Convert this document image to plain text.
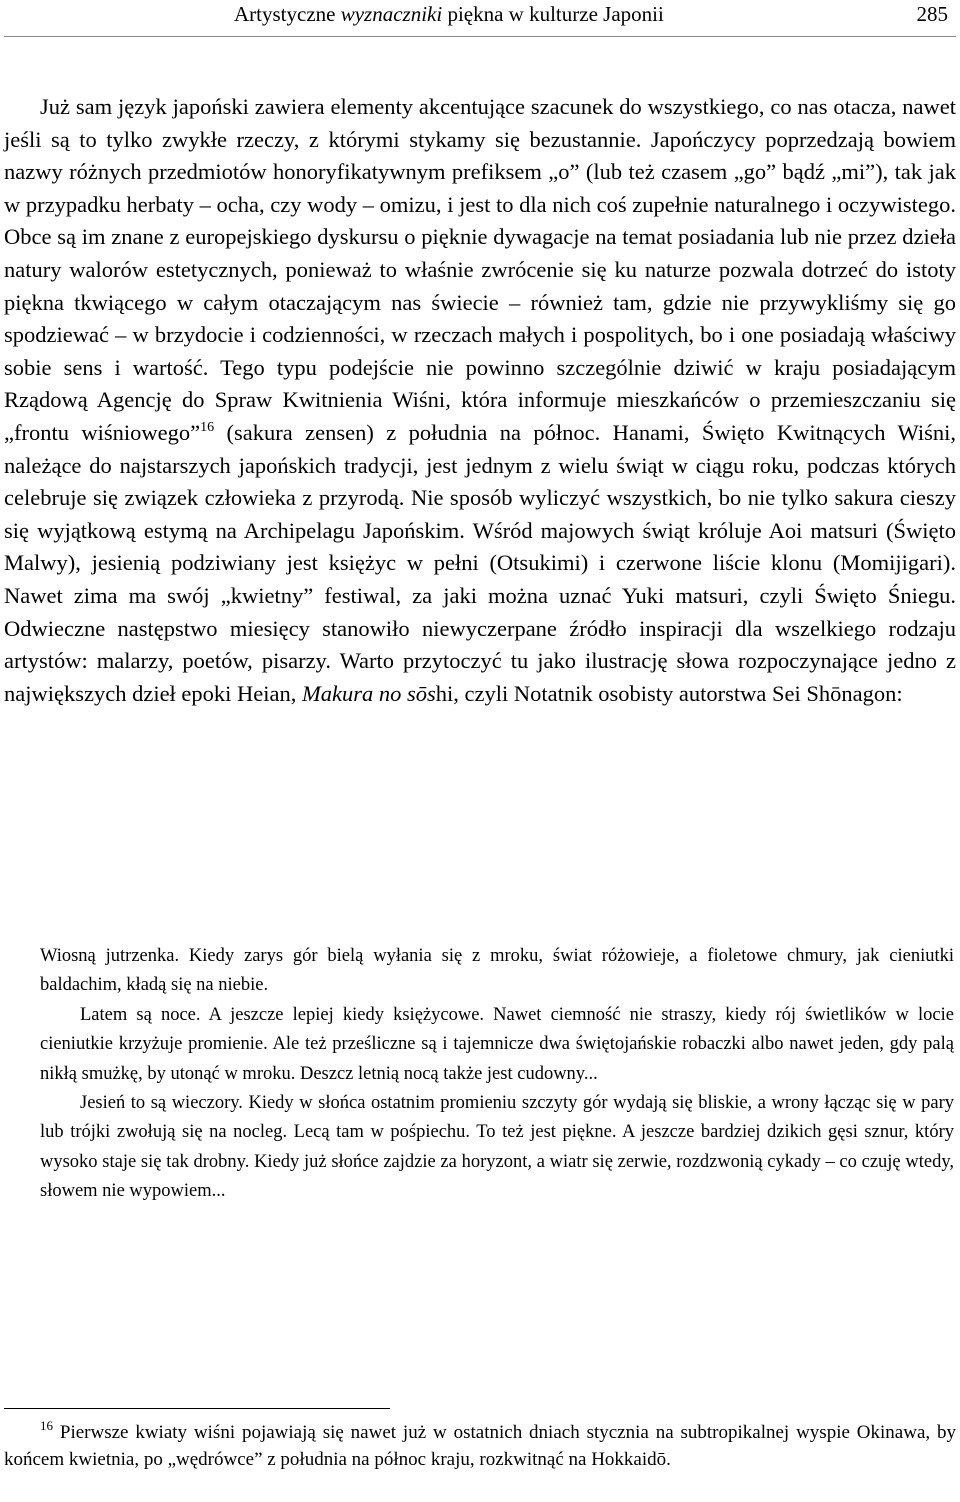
Artystyczne wyznaczniki piękna w kulturze Japonii	285

Już sam język japoński zawiera elementy akcentujące szacunek do wszystkiego, co nas otacza, nawet jeśli są to tylko zwykłe rzeczy, z którymi stykamy się bezustannie. Japończycy poprzedzają bowiem nazwy różnych przedmiotów honoryfikatywnym prefiksem „o” (lub też czasem „go” bądź „mi”), tak jak w przypadku herbaty – ocha, czy wody – omizu, i jest to dla nich coś zupełnie naturalnego i oczywistego. Obce są im znane z europejskiego dyskursu o pięknie dywagacje na temat posiadania lub nie przez dzieła natury walorów estetycznych, ponieważ to właśnie zwrócenie się ku naturze pozwala dotrzeć do istoty piękna tkwiącego w całym otaczającym nas świecie – również tam, gdzie nie przywykliśmy się go spodziewać – w brzydocie i codzienności, w rzeczach małych i pospolitych, bo i one posiadają właściwy sobie sens i wartość. Tego typu podejście nie powinno szczególnie dziwić w kraju posiadającym Rządową Agencję do Spraw Kwitnienia Wiśni, która informuje mieszkańców o przemieszczaniu się „frontu wiśniowego”$^{16}$ (sakura zensen) z południa na północ. Hanami, Święto Kwitnących Wiśni, należące do najstarszych japońskich tradycji, jest jednym z wielu świąt w ciągu roku, podczas których celebruje się związek człowieka z przyrodą. Nie sposób wyliczyć wszystkich, bo nie tylko sakura cieszy się wyjątkową estymą na Archipelagu Japońskim. Wśród majowych świąt króluje Aoi matsuri (Święto Malwy), jesienią podziwiany jest księżyc w pełni (Otsukimi) i czerwone liście klonu (Momijigari). Nawet zima ma swój „kwietny” festiwal, za jaki można uznać Yuki matsuri, czyli Święto Śniegu. Odwieczne następstwo miesięcy stanowiło niewyczerpane źródło inspiracji dla wszelkiego rodzaju artystów: malarzy, poetów, pisarzy. Warto przytoczyć tu jako ilustrację słowa rozpoczynające jedno z największych dzieł epoki Heian, Makura no sōshi, czyli Notatnik osobisty autorstwa Sei Shōnagon:

Wiosną jutrzenka. Kiedy zarys gór bielą wyłania się z mroku, świat różowieje, a fioletowe chmury, jak cieniutki baldachim, kładą się na niebie.

Latem są noce. A jeszcze lepiej kiedy księżycowe. Nawet ciemność nie straszy, kiedy rój świetlików w locie cieniutkie krzyżuje promienie. Ale też prześliczne są i tajemnicze dwa świętojańskie robaczki albo nawet jeden, gdy palą nikłą smużkę, by utonąć w mroku. Deszcz letnią nocą także jest cudowny...

Jesień to są wieczory. Kiedy w słońca ostatnim promieniu szczyty gór wydają się bliskie, a wrony łącząc się w pary lub trójki zwołują się na nocleg. Lecą tam w pośpiechu. To też jest piękne. A jeszcze bardziej dzikich gęsi sznur, który wysoko staje się tak drobny. Kiedy już słońce zajdzie za horyzont, a wiatr się zerwie, rozdzwonią cykady – co czuję wtedy, słowem nie wypowiem...

$^{16}$ Pierwsze kwiaty wiśni pojawiają się nawet już w ostatnich dniach stycznia na subtropikalnej wyspie Okinawa, by końcem kwietnia, po „wędrówce” z południa na północ kraju, rozkwitnąć na Hokkaidō.
